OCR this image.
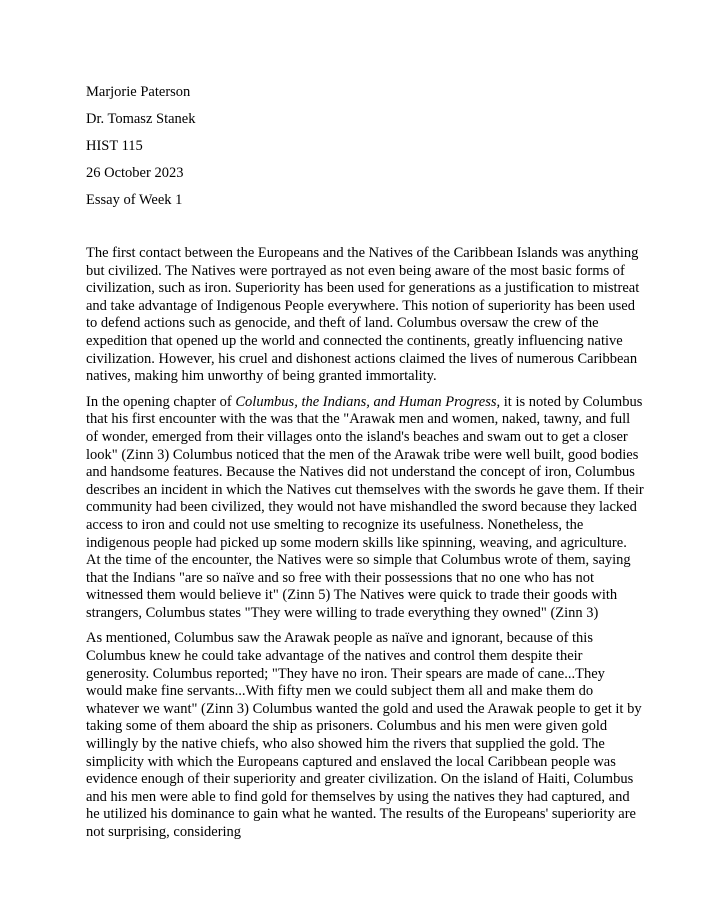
Marjorie Paterson

Dr. Tomasz Stanek

HIST 115

26 October 2023

Essay of Week 1

The first contact between the Europeans and the Natives of the Caribbean Islands was anything but civilized. The Natives were portrayed as not even being aware of the most basic forms of civilization, such as iron. Superiority has been used for generations as a justification to mistreat and take advantage of Indigenous People everywhere. This notion of superiority has been used to defend actions such as genocide, and theft of land. Columbus oversaw the crew of the expedition that opened up the world and connected the continents, greatly influencing native civilization. However, his cruel and dishonest actions claimed the lives of numerous Caribbean natives, making him unworthy of being granted immortality.

In the opening chapter of Columbus, the Indians, and Human Progress, it is noted by Columbus that his first encounter with the was that the "Arawak men and women, naked, tawny, and full of wonder, emerged from their villages onto the island's beaches and swam out to get a closer look" (Zinn 3) Columbus noticed that the men of the Arawak tribe were well built, good bodies and handsome features. Because the Natives did not understand the concept of iron, Columbus describes an incident in which the Natives cut themselves with the swords he gave them. If their community had been civilized, they would not have mishandled the sword because they lacked access to iron and could not use smelting to recognize its usefulness. Nonetheless, the indigenous people had picked up some modern skills like spinning, weaving, and agriculture. At the time of the encounter, the Natives were so simple that Columbus wrote of them, saying that the Indians "are so naïve and so free with their possessions that no one who has not witnessed them would believe it" (Zinn 5) The Natives were quick to trade their goods with strangers, Columbus states "They were willing to trade everything they owned" (Zinn 3)

As mentioned, Columbus saw the Arawak people as naïve and ignorant, because of this Columbus knew he could take advantage of the natives and control them despite their generosity. Columbus reported; "They have no iron. Their spears are made of cane...They would make fine servants...With fifty men we could subject them all and make them do whatever we want" (Zinn 3) Columbus wanted the gold and used the Arawak people to get it by taking some of them aboard the ship as prisoners. Columbus and his men were given gold willingly by the native chiefs, who also showed him the rivers that supplied the gold. The simplicity with which the Europeans captured and enslaved the local Caribbean people was evidence enough of their superiority and greater civilization. On the island of Haiti, Columbus and his men were able to find gold for themselves by using the natives they had captured, and he utilized his dominance to gain what he wanted. The results of the Europeans' superiority are not surprising, considering
